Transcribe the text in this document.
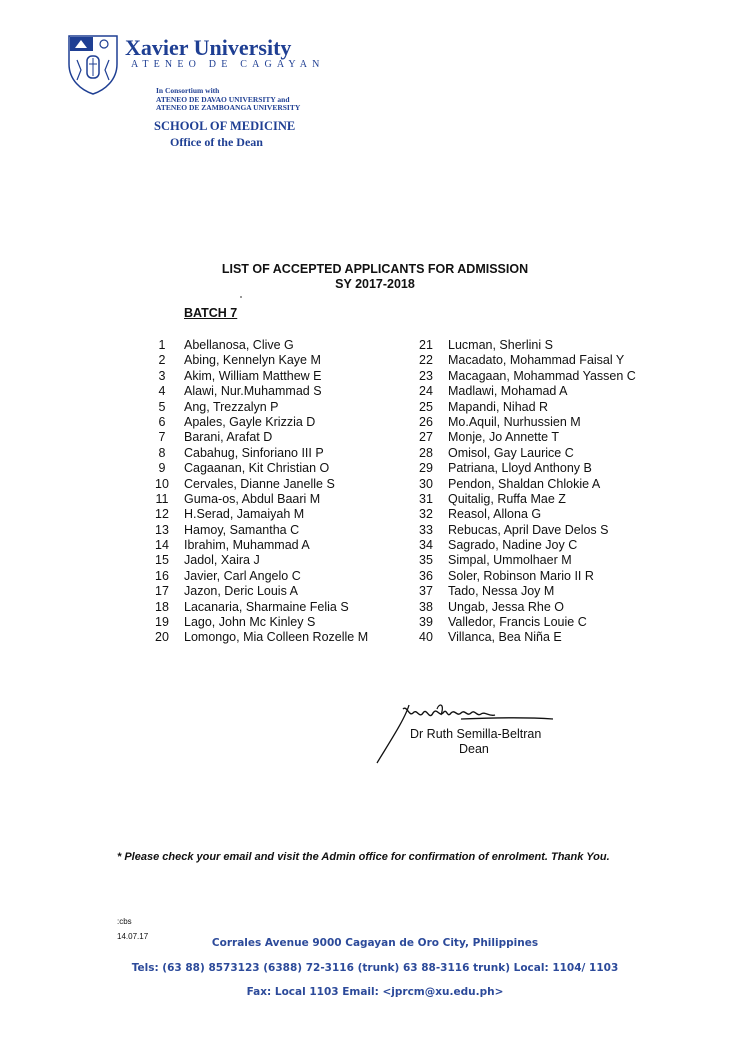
Xavier University
ATENEO DE CAGAYAN
In Consortium with
ATENEO DE DAVAO UNIVERSITY and
ATENEO DE ZAMBOANGA UNIVERSITY
SCHOOL OF MEDICINE
Office of the Dean
LIST OF ACCEPTED APPLICANTS FOR ADMISSION
SY 2017-2018
BATCH 7
1	Abellanosa, Clive G
2	Abing, Kennelyn Kaye M
3	Akim, William Matthew E
4	Alawi, Nur.Muhammad S
5	Ang, Trezzalyn P
6	Apales, Gayle Krizzia D
7	Barani, Arafat D
8	Cabahug, Sinforiano III P
9	Cagaanan, Kit Christian O
10	Cervales, Dianne Janelle S
11	Guma-os, Abdul Baari M
12	H.Serad, Jamaiyah M
13	Hamoy, Samantha C
14	Ibrahim, Muhammad A
15	Jadol, Xaira J
16	Javier, Carl Angelo C
17	Jazon, Deric Louis A
18	Lacanaria, Sharmaine Felia S
19	Lago, John Mc Kinley S
20	Lomongo, Mia Colleen Rozelle M
21	Lucman, Sherlini S
22	Macadato, Mohammad Faisal Y
23	Macagaan, Mohammad Yassen C
24	Madlawi, Mohamad A
25	Mapandi, Nihad R
26	Mo.Aquil, Nurhussien M
27	Monje, Jo Annette T
28	Omisol, Gay Laurice C
29	Patriana, Lloyd Anthony B
30	Pendon, Shaldan Chlokie A
31	Quitalig, Ruffa Mae Z
32	Reasol, Allona G
33	Rebucas, April Dave Delos S
34	Sagrado, Nadine Joy C
35	Simpal, Ummolhaer M
36	Soler, Robinson Mario II R
37	Tado, Nessa Joy M
38	Ungab, Jessa Rhe O
39	Valledor, Francis Louie C
40	Villanca, Bea Niña E
Dr Ruth Semilla-Beltran
Dean
* Please check your email and visit the Admin office for confirmation of enrolment. Thank You.
:cbs
14.07.17
Corrales Avenue 9000 Cagayan de Oro City, Philippines
Tels: (63 88) 8573123 (6388) 72-3116 (trunk) 63 88-3116 trunk) Local: 1104/ 1103
Fax: Local 1103 Email: <jprcm@xu.edu.ph>
